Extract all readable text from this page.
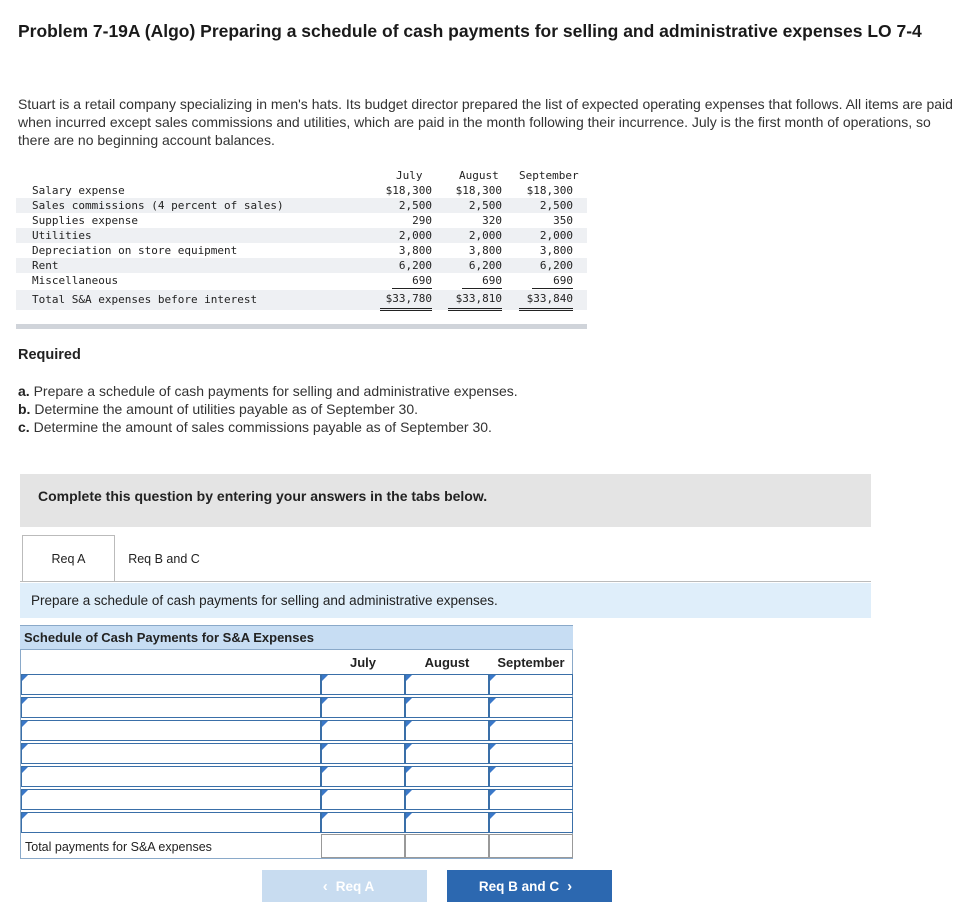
Problem 7-19A (Algo) Preparing a schedule of cash payments for selling and administrative expenses LO 7-4
Stuart is a retail company specializing in men's hats. Its budget director prepared the list of expected operating expenses that follows. All items are paid when incurred except sales commissions and utilities, which are paid in the month following their incurrence. July is the first month of operations, so there are no beginning account balances.
July	August September
Salary expense	$18,300	$18,300	$18,300
Sales commissions (4 percent of sales)	2,500	2,500	2,500
Supplies expense	290	320	350
Utilities	2,000	2,000	2,000
Depreciation on store equipment	3,800	3,800	3,800
Rent	6,200	6,200	6,200
Miscellaneous	690	690	690
Total S&A expenses before interest	$33,780	$33,810	$33,840
Required
a. Prepare a schedule of cash payments for selling and administrative expenses.
b. Determine the amount of utilities payable as of September 30.
c. Determine the amount of sales commissions payable as of September 30.
Complete this question by entering your answers in the tabs below.
Req A	Req B and C
Prepare a schedule of cash payments for selling and administrative expenses.
Schedule of Cash Payments for S&A Expenses
July	August	September
Total payments for S&A expenses
‹ Req A	Req B and C ›
